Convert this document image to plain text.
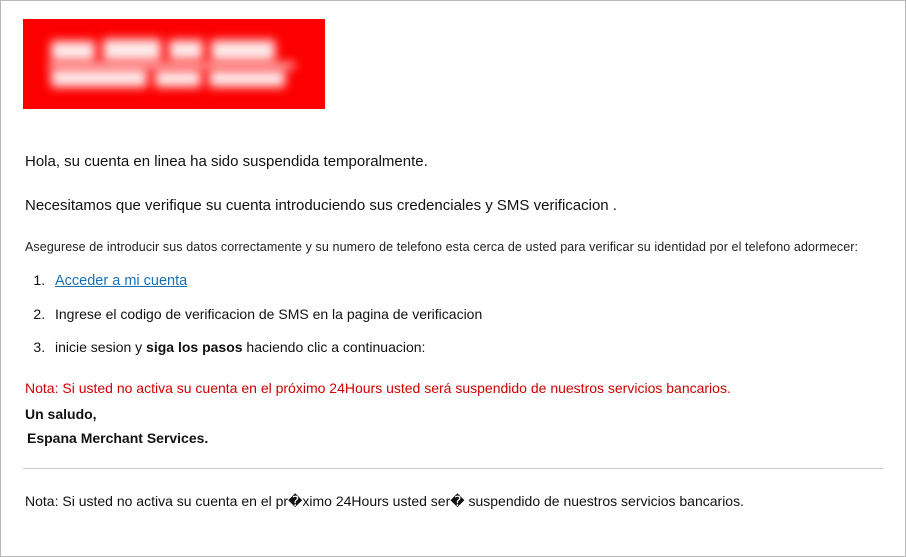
Hola, su cuenta en linea ha sido suspendida temporalmente.

Necesitamos que verifique su cuenta introduciendo sus credenciales y SMS verificacion .

Asegurese de introducir sus datos correctamente y su numero de telefono esta cerca de usted para verificar su identidad por el telefono adormecer:

1. Acceder a mi cuenta
2. Ingrese el codigo de verificacion de SMS en la pagina de verificacion
3. inicie sesion y siga los pasos haciendo clic a continuacion:

Nota: Si usted no activa su cuenta en el próximo 24Hours usted será suspendido de nuestros servicios bancarios.

Un saludo,

Espana Merchant Services.

Nota: Si usted no activa su cuenta en el pr�ximo 24Hours usted ser� suspendido de nuestros servicios bancarios.
